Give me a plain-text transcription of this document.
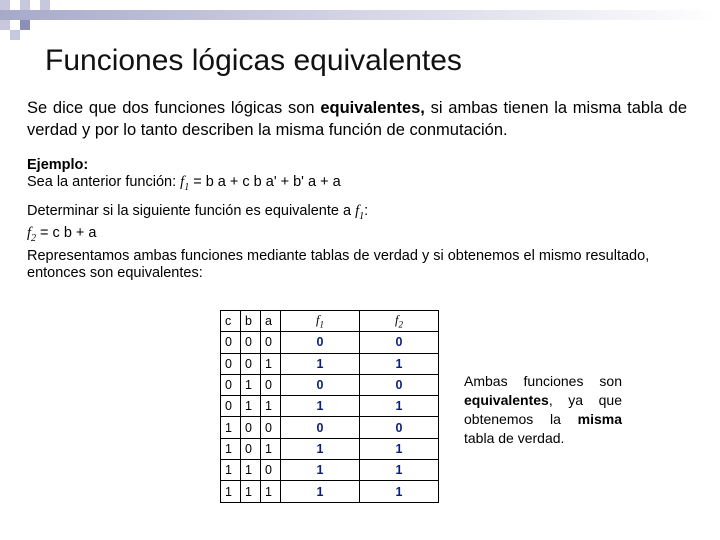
Funciones lógicas equivalentes
Se dice que dos funciones lógicas son equivalentes, si ambas tienen la misma tabla de verdad y por lo tanto describen la misma función de conmutación.
Ejemplo:
Sea la anterior función: $f_1 = b$ a + c b a' + b' a + a
Determinar si la siguiente función es equivalente a $f_1$:
$f_2 = c$ b + a
Representamos ambas funciones mediante tablas de verdad y si obtenemos el mismo resultado, entonces son equivalentes:
c	b	a	$f_1$	$f_2$
0	0	0	0	0
0	0	1	1	1
0	1	0	0	0
0	1	1	1	1
1	0	0	0	0
1	0	1	1	1
1	1	0	1	1
1	1	1	1	1
Ambas funciones son equivalentes, ya que obtenemos la misma tabla de verdad.
